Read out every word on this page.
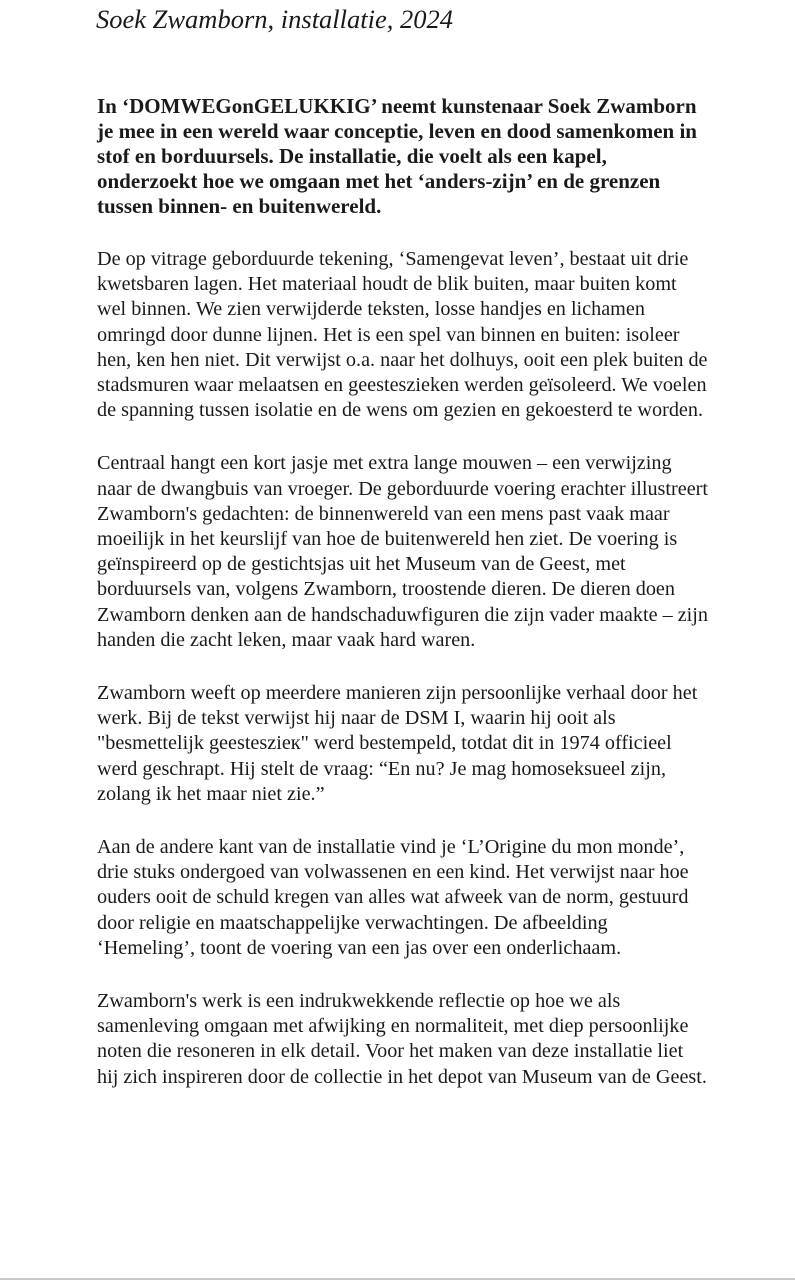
Soek Zwamborn, installatie, 2024

In ‘DOMWEGonGELUKKIG’ neemt kunstenaar Soek Zwamborn je mee in een wereld waar conceptie, leven en dood samenkomen in stof en borduursels. De installatie, die voelt als een kapel, onderzoekt hoe we omgaan met het ‘anders-zijn’ en de grenzen tussen binnen- en buitenwereld.

De op vitrage geborduurde tekening, ‘Samengevat leven’, bestaat uit drie kwetsbaren lagen. Het materiaal houdt de blik buiten, maar buiten komt wel binnen. We zien verwijderde teksten, losse handjes en lichamen omringd door dunne lijnen. Het is een spel van binnen en buiten: isoleer hen, ken hen niet. Dit verwijst o.a. naar het dolhuys, ooit een plek buiten de stadsmuren waar melaatsen en geesteszieken werden geïsoleerd. We voelen de spanning tussen isolatie en de wens om gezien en gekoesterd te worden.

Centraal hangt een kort jasje met extra lange mouwen – een verwijzing naar de dwangbuis van vroeger. De geborduurde voering erachter illustreert Zwamborn's gedachten: de binnenwereld van een mens past vaak maar moeilijk in het keurslijf van hoe de buitenwereld hen ziet. De voering is geïnspireerd op de gestichtsjas uit het Museum van de Geest, met borduursels van, volgens Zwamborn, troostende dieren. De dieren doen Zwamborn denken aan de handschaduwfiguren die zijn vader maakte – zijn handen die zacht leken, maar vaak hard waren.

Zwamborn weeft op meerdere manieren zijn persoonlijke verhaal door het werk. Bij de tekst verwijst hij naar de DSM I, waarin hij ooit als "besmettelijk geesteszieк" werd bestempeld, totdat dit in 1974 officieel werd geschrapt. Hij stelt de vraag: “En nu? Je mag homoseksueel zijn, zolang ik het maar niet zie.”

Aan de andere kant van de installatie vind je ‘L’Origine du mon monde’, drie stuks ondergoed van volwassenen en een kind. Het verwijst naar hoe ouders ooit de schuld kregen van alles wat afweek van de norm, gestuurd door religie en maatschappelijke verwachtingen. De afbeelding ‘Hemeling’, toont de voering van een jas over een onderlichaam.

Zwamborn's werk is een indrukwekkende reflectie op hoe we als samenleving omgaan met afwijking en normaliteit, met diep persoonlijke noten die resoneren in elk detail. Voor het maken van deze installatie liet hij zich inspireren door de collectie in het depot van Museum van de Geest.
